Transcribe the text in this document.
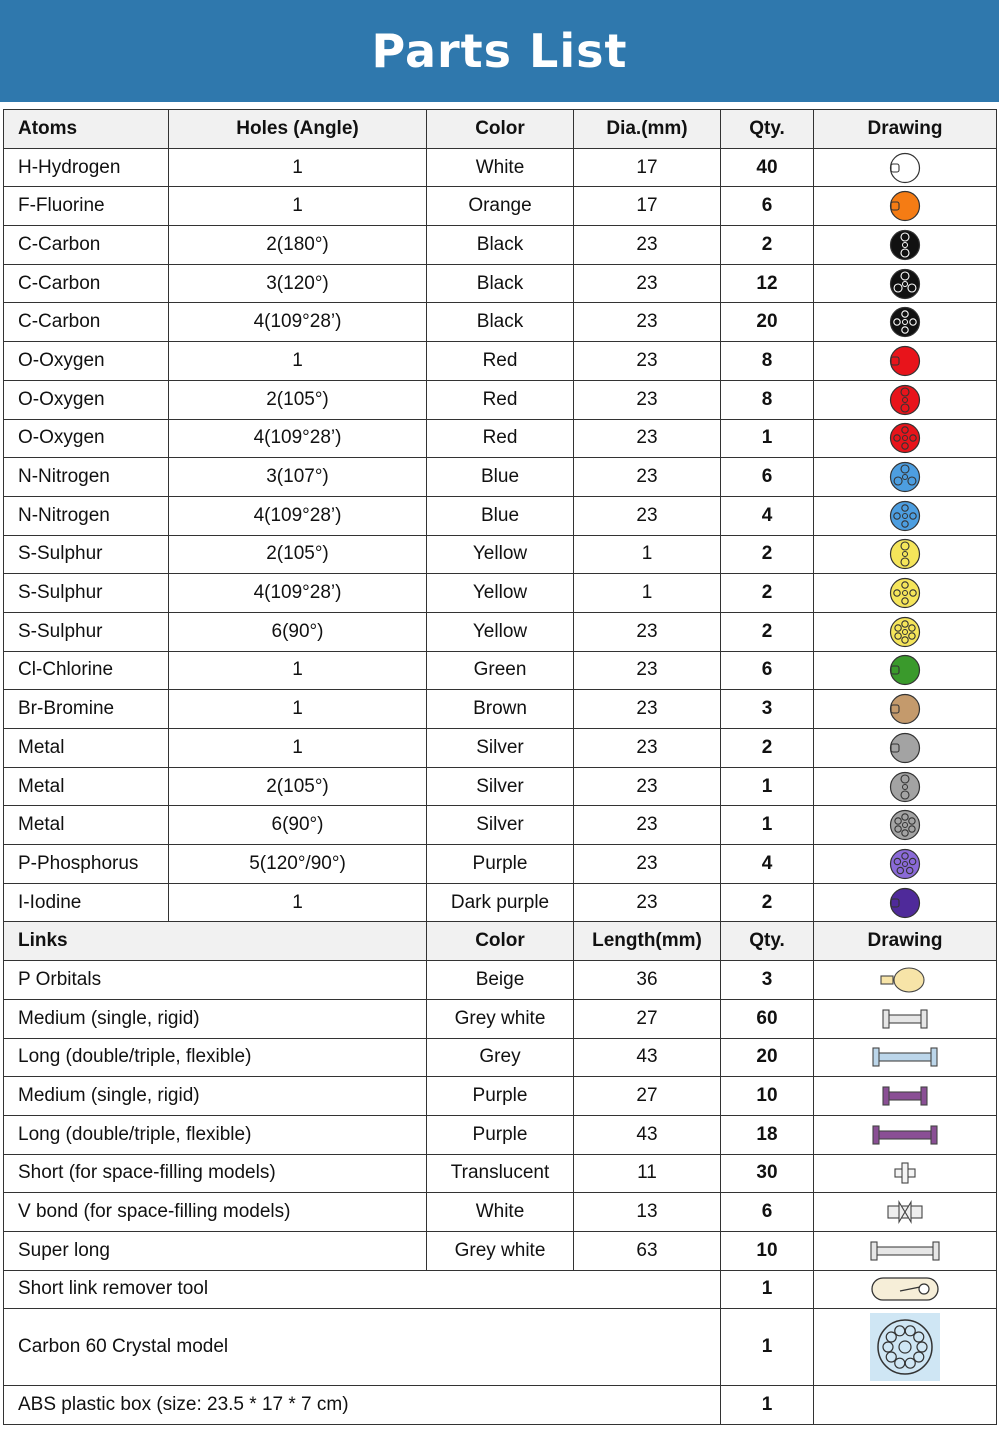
Parts List
Atoms	Holes (Angle)	Color	Dia.(mm)	Qty.	Drawing
H-Hydrogen	1	White	17	40	

F-Fluorine	1	Orange	17	6	

C-Carbon	2(180°)	Black	23	2	

C-Carbon	3(120°)	Black	23	12	

C-Carbon	4(109°28’)	Black	23	20	

O-Oxygen	1	Red	23	8	

O-Oxygen	2(105°)	Red	23	8	

O-Oxygen	4(109°28’)	Red	23	1	

N-Nitrogen	3(107°)	Blue	23	6	

N-Nitrogen	4(109°28’)	Blue	23	4	

S-Sulphur	2(105°)	Yellow	1	2	

S-Sulphur	4(109°28’)	Yellow	1	2	

S-Sulphur	6(90°)	Yellow	23	2	

Cl-Chlorine	1	Green	23	6	

Br-Bromine	1	Brown	23	3	

Metal	1	Silver	23	2	

Metal	2(105°)	Silver	23	1	

Metal	6(90°)	Silver	23	1	

P-Phosphorus	5(120°/90°)	Purple	23	4	

I-Iodine	1	Dark purple	23	2	

Links		Color	Length(mm)	Qty.	Drawing
P Orbitals		Beige	36	3	

Medium (single, rigid)		Grey white	27	60	

Long (double/triple, flexible)		Grey	43	20	

Medium (single, rigid)		Purple	27	10	

Long (double/triple, flexible)		Purple	43	18	

Short (for space-filling models)		Translucent	11	30	

V bond (for space-filling models)		White	13	6	

Super long		Grey white	63	10	

Short link remover tool				1	

Carbon 60 Crystal model				1	

ABS plastic box (size: 23.5 * 17 * 7 cm)				1	
